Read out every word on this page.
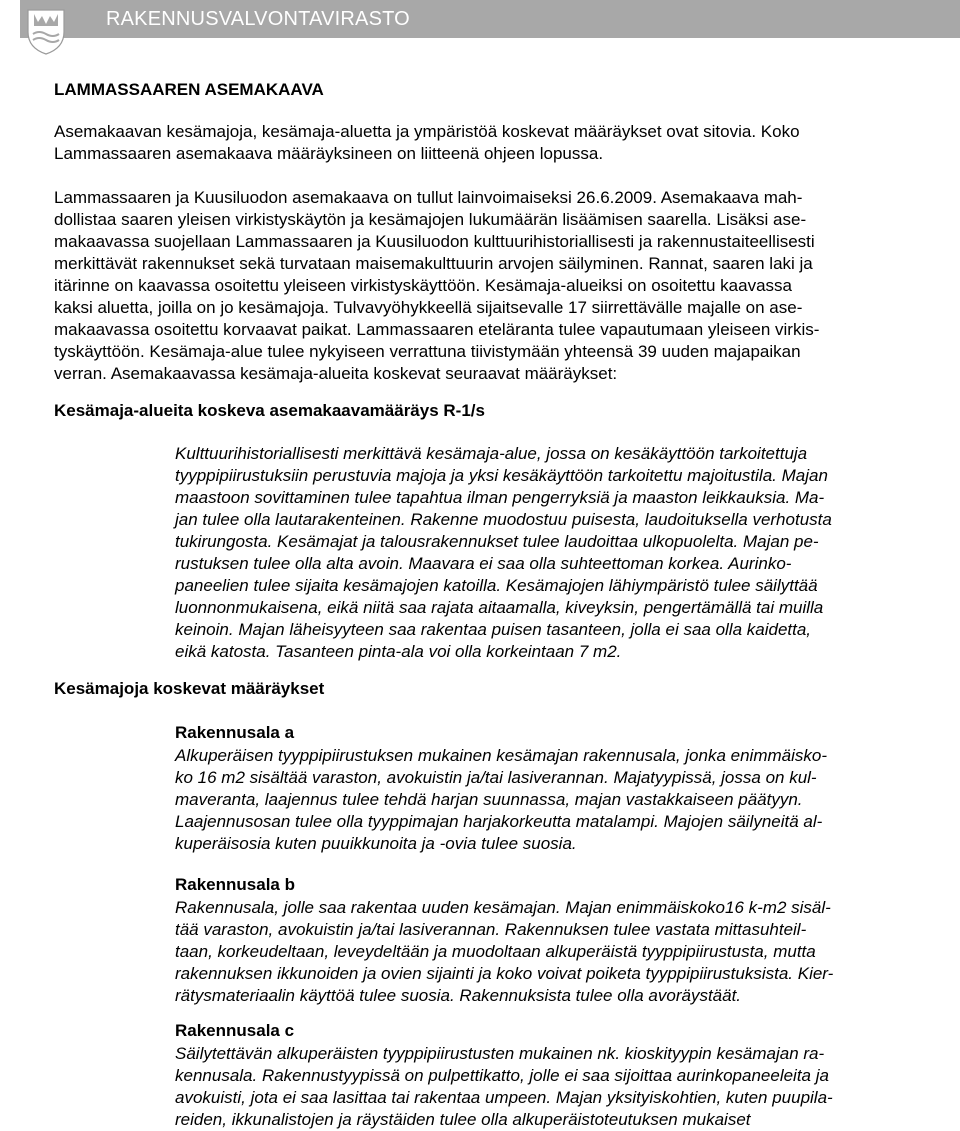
RAKENNUSVALVONTAVIRASTO
LAMMASSAAREN ASEMAKAAVA
Asemakaavan kesämajoja, kesämaja-aluetta ja ympäristöä koskevat määräykset ovat sitovia. Koko
Lammassaaren asemakaava määräyksineen on liitteenä ohjeen lopussa.
Lammassaaren ja Kuusiluodon asemakaava on tullut lainvoimaiseksi 26.6.2009. Asemakaava mah-
dollistaa saaren yleisen virkistyskäytön ja kesämajojen lukumäärän lisäämisen saarella. Lisäksi ase-
makaavassa suojellaan Lammassaaren ja Kuusiluodon kulttuurihistoriallisesti ja rakennustaiteellisesti
merkittävät rakennukset sekä turvataan maisemakulttuurin arvojen säilyminen. Rannat, saaren laki ja
itärinne on kaavassa osoitettu yleiseen virkistyskäyttöön. Kesämaja-alueiksi on osoitettu kaavassa
kaksi aluetta, joilla on jo kesämajoja. Tulvavyöhykkeellä sijaitsevalle 17 siirrettävälle majalle on ase-
makaavassa osoitettu korvaavat paikat. Lammassaaren eteläranta tulee vapautumaan yleiseen virkis-
tyskäyttöön. Kesämaja-alue tulee nykyiseen verrattuna tiivistymään yhteensä 39 uuden majapaikan
verran. Asemakaavassa kesämaja-alueita koskevat seuraavat määräykset:
Kesämaja-alueita koskeva asemakaavamääräys R-1/s
Kulttuurihistoriallisesti merkittävä kesämaja-alue, jossa on kesäkäyttöön tarkoitettuja
tyyppipiirustuksiin perustuvia majoja ja yksi kesäkäyttöön tarkoitettu majoitustila. Majan
maastoon sovittaminen tulee tapahtua ilman pengerryksiä ja maaston leikkauksia. Ma-
jan tulee olla lautarakenteinen. Rakenne muodostuu puisesta, laudoituksella verhotusta
tukirungosta. Kesämajat ja talousrakennukset tulee laudoittaa ulkopuolelta. Majan pe-
rustuksen tulee olla alta avoin. Maavara ei saa olla suhteettoman korkea. Aurinko-
paneelien tulee sijaita kesämajojen katoilla. Kesämajojen lähiympäristö tulee säilyttää
luonnonmukaisena, eikä niitä saa rajata aitaamalla, kiveyksin, pengertämällä tai muilla
keinoin. Majan läheisyyteen saa rakentaa puisen tasanteen, jolla ei saa olla kaidetta,
eikä katosta. Tasanteen pinta-ala voi olla korkeintaan 7 m2.
Kesämajoja koskevat määräykset
Rakennusala a
Alkuperäisen tyyppipiirustuksen mukainen kesämajan rakennusala, jonka enimmäisko-
ko 16 m2 sisältää varaston, avokuistin ja/tai lasiverannan. Majatyypissä, jossa on kul-
maveranta, laajennus tulee tehdä harjan suunnassa, majan vastakkaiseen päätyyn.
Laajennusosan tulee olla tyyppimajan harjakorkeutta matalampi. Majojen säilyneitä al-
kuperäisosia kuten puuikkunoita ja -ovia tulee suosia.
Rakennusala b
Rakennusala, jolle saa rakentaa uuden kesämajan. Majan enimmäiskoko16 k-m2 sisäl-
tää varaston, avokuistin ja/tai lasiverannan. Rakennuksen tulee vastata mittasuhteil-
taan, korkeudeltaan, leveydeltään ja muodoltaan alkuperäistä tyyppipiirustusta, mutta
rakennuksen ikkunoiden ja ovien sijainti ja koko voivat poiketa tyyppipiirustuksista. Kier-
rätysmateriaalin käyttöä tulee suosia. Rakennuksista tulee olla avoräystäät.
Rakennusala c
Säilytettävän alkuperäisten tyyppipiirustusten mukainen nk. kioskityypin kesämajan ra-
kennusala. Rakennustyypissä on pulpettikatto, jolle ei saa sijoittaa aurinkopaneeleita ja
avokuisti, jota ei saa lasittaa tai rakentaa umpeen. Majan yksityiskohtien, kuten puupila-
reiden, ikkunalistojen ja räystäiden tulee olla alkuperäistoteutuksen mukaiset
